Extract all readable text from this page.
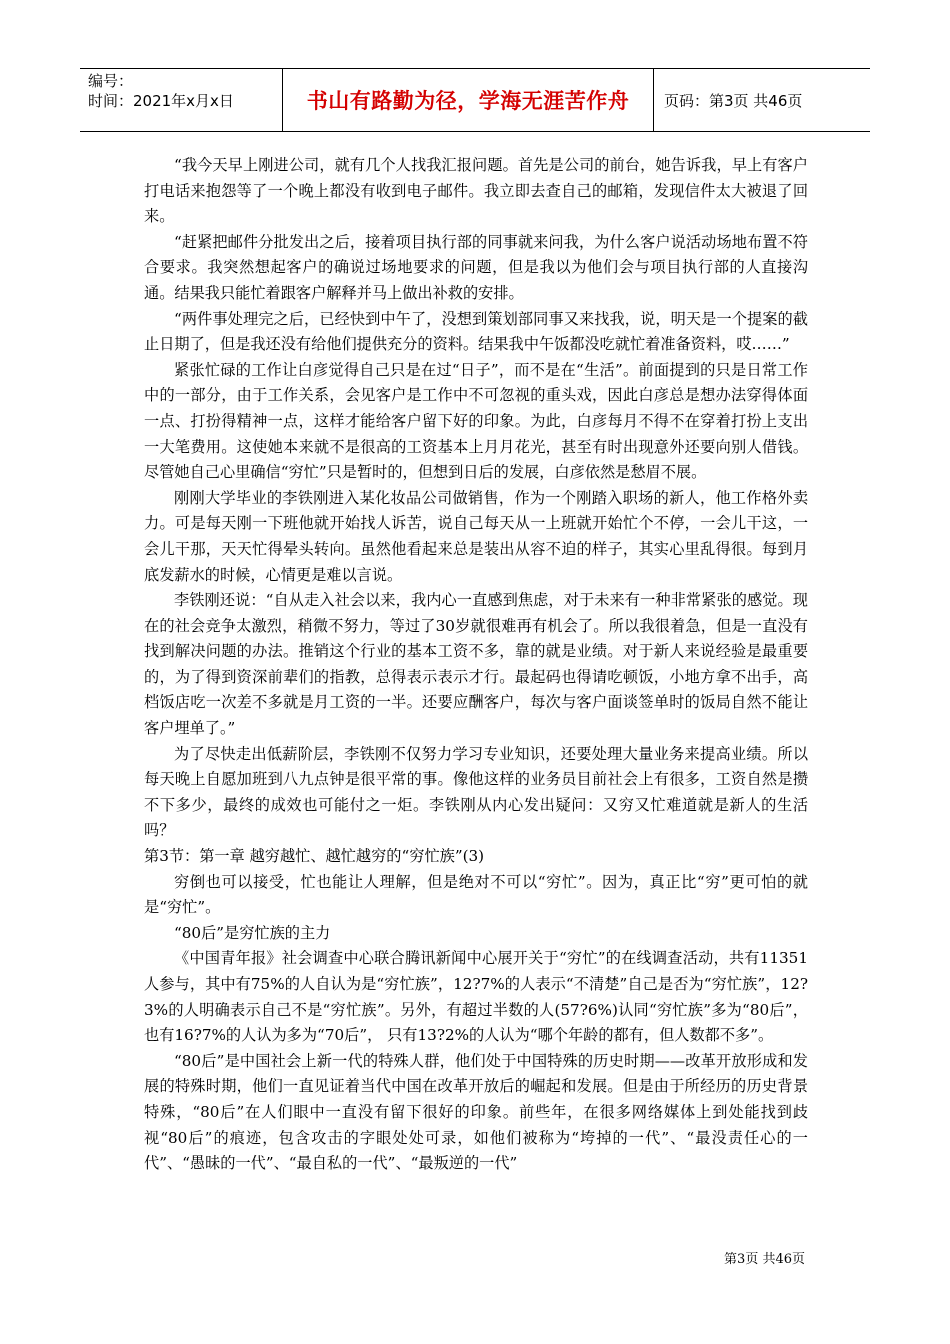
编号：
时间：2021年x月x日	书山有路勤为径，学海无涯苦作舟	页码：第3页 共46页

“我今天早上刚进公司，就有几个人找我汇报问题。首先是公司的前台，她告诉我，早上有客户打电话来抱怨等了一个晚上都没有收到电子邮件。我立即去查自己的邮箱，发现信件太大被退了回来。

“赶紧把邮件分批发出之后，接着项目执行部的同事就来问我，为什么客户说活动场地布置不符合要求。我突然想起客户的确说过场地要求的问题，但是我以为他们会与项目执行部的人直接沟通。结果我只能忙着跟客户解释并马上做出补救的安排。

“两件事处理完之后，已经快到中午了，没想到策划部同事又来找我，说，明天是一个提案的截止日期了，但是我还没有给他们提供充分的资料。结果我中午饭都没吃就忙着准备资料，哎……”

紧张忙碌的工作让白彦觉得自己只是在过“日子”，而不是在“生活”。前面提到的只是日常工作中的一部分，由于工作关系，会见客户是工作中不可忽视的重头戏，因此白彦总是想办法穿得体面一点、打扮得精神一点，这样才能给客户留下好的印象。为此，白彦每月不得不在穿着打扮上支出一大笔费用。这使她本来就不是很高的工资基本上月月花光，甚至有时出现意外还要向别人借钱。尽管她自己心里确信“穷忙”只是暂时的，但想到日后的发展，白彦依然是愁眉不展。

刚刚大学毕业的李铁刚进入某化妆品公司做销售，作为一个刚踏入职场的新人，他工作格外卖力。可是每天刚一下班他就开始找人诉苦，说自己每天从一上班就开始忙个不停，一会儿干这，一会儿干那，天天忙得晕头转向。虽然他看起来总是装出从容不迫的样子，其实心里乱得很。每到月底发薪水的时候，心情更是难以言说。

李铁刚还说：“自从走入社会以来，我内心一直感到焦虑，对于未来有一种非常紧张的感觉。现在的社会竞争太激烈，稍微不努力，等过了30岁就很难再有机会了。所以我很着急，但是一直没有找到解决问题的办法。推销这个行业的基本工资不多，靠的就是业绩。对于新人来说经验是最重要的，为了得到资深前辈们的指教，总得表示表示才行。最起码也得请吃顿饭，小地方拿不出手，高档饭店吃一次差不多就是月工资的一半。还要应酬客户，每次与客户面谈签单时的饭局自然不能让客户埋单了。”

为了尽快走出低薪阶层，李铁刚不仅努力学习专业知识，还要处理大量业务来提高业绩。所以每天晚上自愿加班到八九点钟是很平常的事。像他这样的业务员目前社会上有很多，工资自然是攒不下多少，最终的成效也可能付之一炬。李铁刚从内心发出疑问：又穷又忙难道就是新人的生活吗？

第3节：第一章 越穷越忙、越忙越穷的“穷忙族”(3)

穷倒也可以接受，忙也能让人理解，但是绝对不可以“穷忙”。因为，真正比“穷”更可怕的就是“穷忙”。

“80后”是穷忙族的主力

《中国青年报》社会调查中心联合腾讯新闻中心展开关于“穷忙”的在线调查活动，共有11351人参与，其中有75%的人自认为是“穷忙族”，12?7%的人表示“不清楚”自己是否为“穷忙族”，12?3%的人明确表示自己不是“穷忙族”。另外，有超过半数的人(57?6%)认同“穷忙族”多为“80后”， 也有16?7%的人认为多为“70后”， 只有13?2%的人认为“哪个年龄的都有，但人数都不多”。

“80后”是中国社会上新一代的特殊人群，他们处于中国特殊的历史时期——改革开放形成和发展的特殊时期，他们一直见证着当代中国在改革开放后的崛起和发展。但是由于所经历的历史背景特殊，“80后”在人们眼中一直没有留下很好的印象。前些年，在很多网络媒体上到处能找到歧视“80后”的痕迹，包含攻击的字眼处处可录，如他们被称为“垮掉的一代”、“最没责任心的一代”、“愚昧的一代”、“最自私的一代”、“最叛逆的一代”

第3页 共46页
